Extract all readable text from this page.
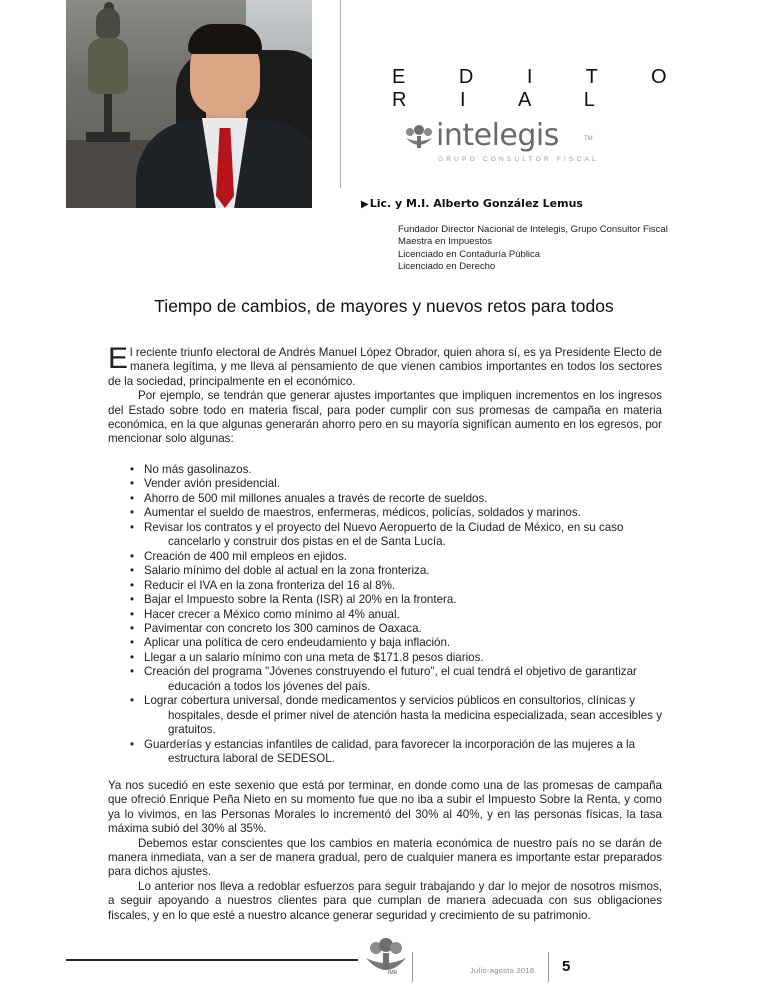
E D I T O R I A L
intelegis	TM
GRUPO CONSULTOR FISCAL
▶Lic. y M.I. Alberto González Lemus
Fundador Director Nacional de Intelegis, Grupo Consultor Fiscal
Maestra en Impuestos
Licenciado en Contaduría Pública
Licenciado en Derecho
Tiempo de cambios, de mayores y nuevos retos para todos

El reciente triunfo electoral de Andrés Manuel López Obrador, quien ahora sí, es ya Presidente Electo de manera legítima, y me lleva al pensamiento de que vienen cambios importantes en todos los sectores de la sociedad, principalmente en el económico.

Por ejemplo, se tendrán que generar ajustes importantes que impliquen incrementos en los ingresos del Estado sobre todo en materia fiscal, para poder cumplir con sus promesas de campaña en materia económica, en la que algunas generarán ahorro pero en su mayoría signifícan aumento en los egresos, por mencionar solo algunas:

• No más gasolinazos.
• Vender avión presidencial.
• Ahorro de 500 mil millones anuales a través de recorte de sueldos.
• Aumentar el sueldo de maestros, enfermeras, médicos, policías, soldados y marinos.
• Revisar los contratos y el proyecto del Nuevo Aeropuerto de la Ciudad de México, en su caso
cancelarlo y construir dos pistas en el de Santa Lucía.
• Creación de 400 mil empleos en ejidos.
• Salario mínimo del doble al actual en la zona fronteriza.
• Reducir el IVA en la zona fronteriza del 16 al 8%.
• Bajar el Impuesto sobre la Renta (ISR) al 20% en la frontera.
• Hacer crecer a México como mínimo al 4% anual.
• Pavimentar con concreto los 300 caminos de Oaxaca.
• Aplicar una política de cero endeudamiento y baja inflación.
• Llegar a un salario mínimo con una meta de $171.8 pesos diarios.
• Creación del programa "Jóvenes construyendo el futuro", el cual tendrá el objetivo de garantizar
educación a todos los jóvenes del país.
• Lograr cobertura universal, donde medicamentos y servicios públicos en consultorios, clínicas y
hospitales, desde el primer nivel de atención hasta la medicina especializada, sean accesibles y gratuitos.
• Guarderías y estancias infantiles de calidad, para favorecer la incorporación de las mujeres a la
estructura laboral de SEDESOL.

Ya nos sucedió en este sexenio que está por terminar, en donde como una de las promesas de campaña que ofreció Enrique Peña Nieto en su momento fue que no iba a subir el Impuesto Sobre la Renta, y como ya lo vivimos, en las Personas Morales lo incrementó del 30% al 40%, y en las personas físicas, la tasa máxima subió del 30% al 35%.

Debemos estar conscientes que los cambios en materia económica de nuestro país no se darán de manera inmediata, van a ser de manera gradual, pero de cualquier manera es importante estar preparados para dichos ajustes.

Lo anterior nos lleva a redoblar esfuerzos para seguir trabajando y dar lo mejor de nosotros mismos, a seguir apoyando a nuestros clientes para que cumplan de manera adecuada con sus obligaciones fiscales, y en lo que esté a nuestro alcance generar seguridad y crecimiento de su patrimonio.

IMR	Julio-agosto 2018 5
